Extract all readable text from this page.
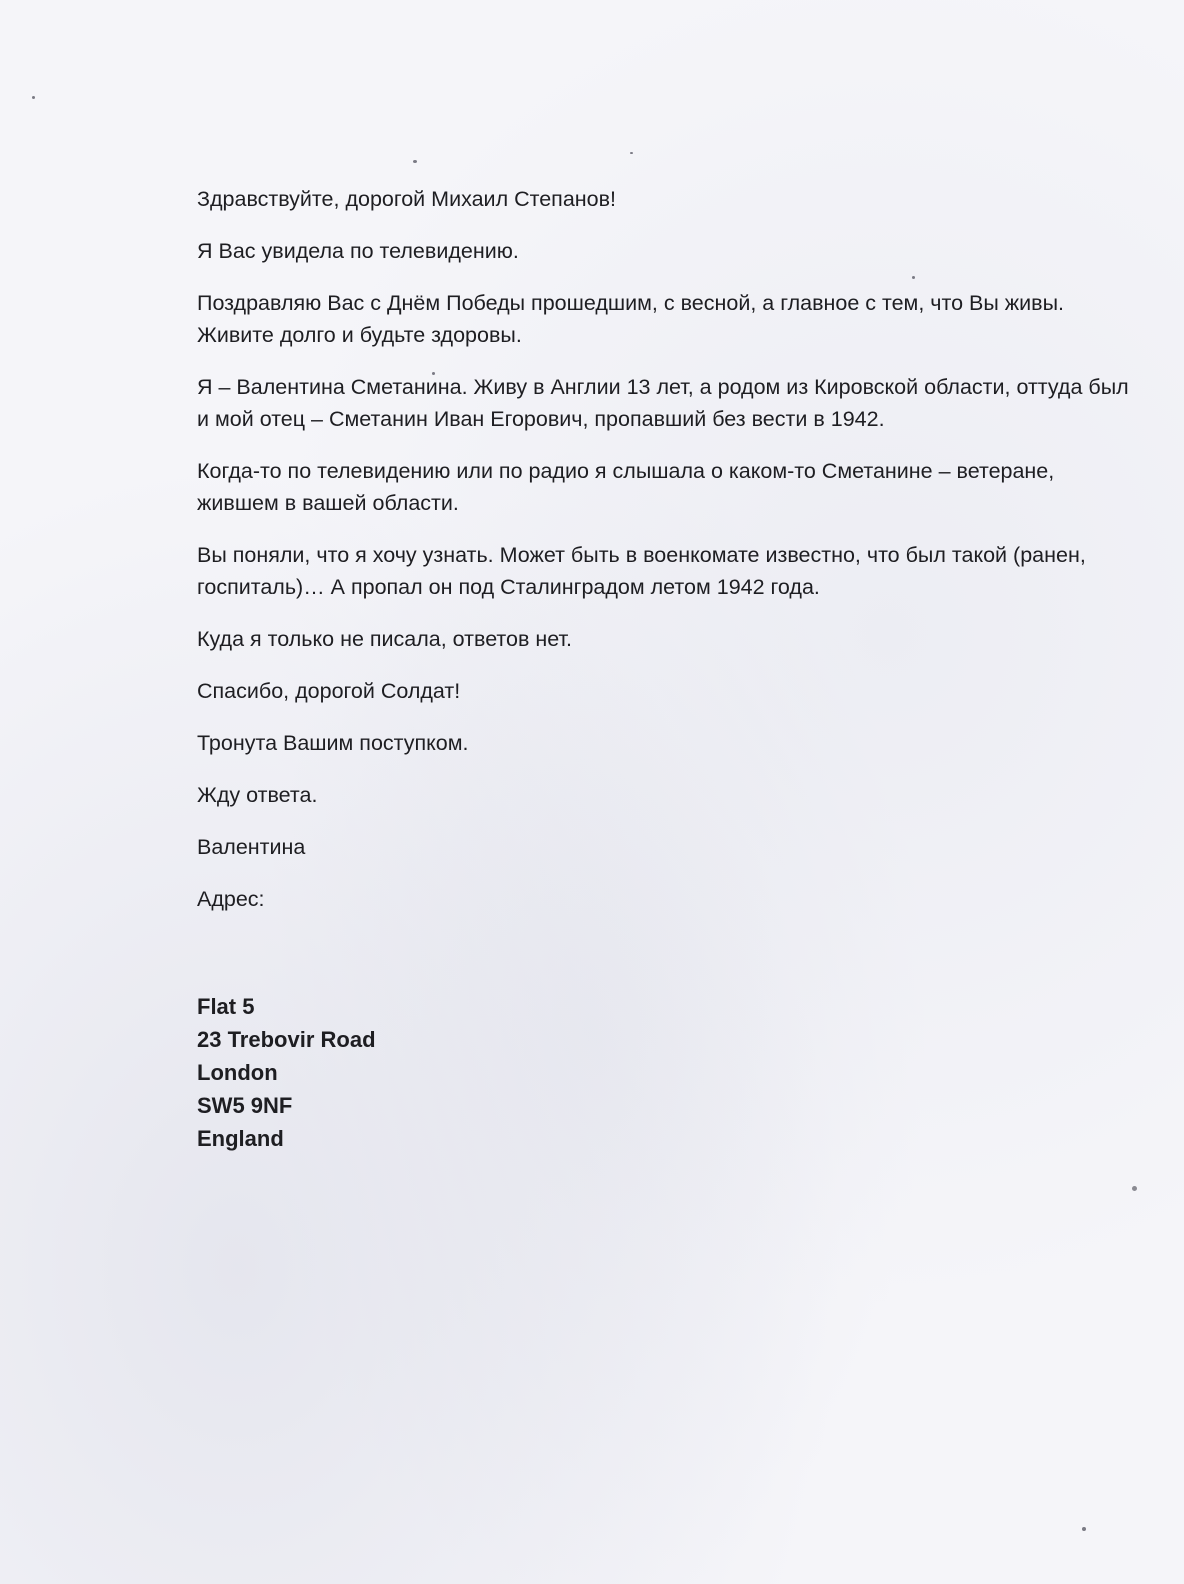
Здравствуйте, дорогой Михаил Степанов!

Я Вас увидела по телевидению.

Поздравляю Вас с Днём Победы прошедшим, с весной, а главное с тем, что Вы живы. Живите долго и будьте здоровы.

Я – Валентина Сметанина. Живу в Англии 13 лет, а родом из Кировской области, оттуда был и мой отец – Сметанин Иван Егорович, пропавший без вести в 1942.

Когда-то по телевидению или по радио я слышала о каком-то Сметанине – ветеране, жившем в вашей области.

Вы поняли, что я хочу узнать. Может быть в военкомате известно, что был такой (ранен, госпиталь)… А пропал он под Сталинградом летом 1942 года.

Куда я только не писала, ответов нет.

Спасибо, дорогой Солдат!

Тронута Вашим поступком.

Жду ответа.

Валентина

Адрес:

Flat 5
23 Trebovir Road
London
SW5 9NF
England
